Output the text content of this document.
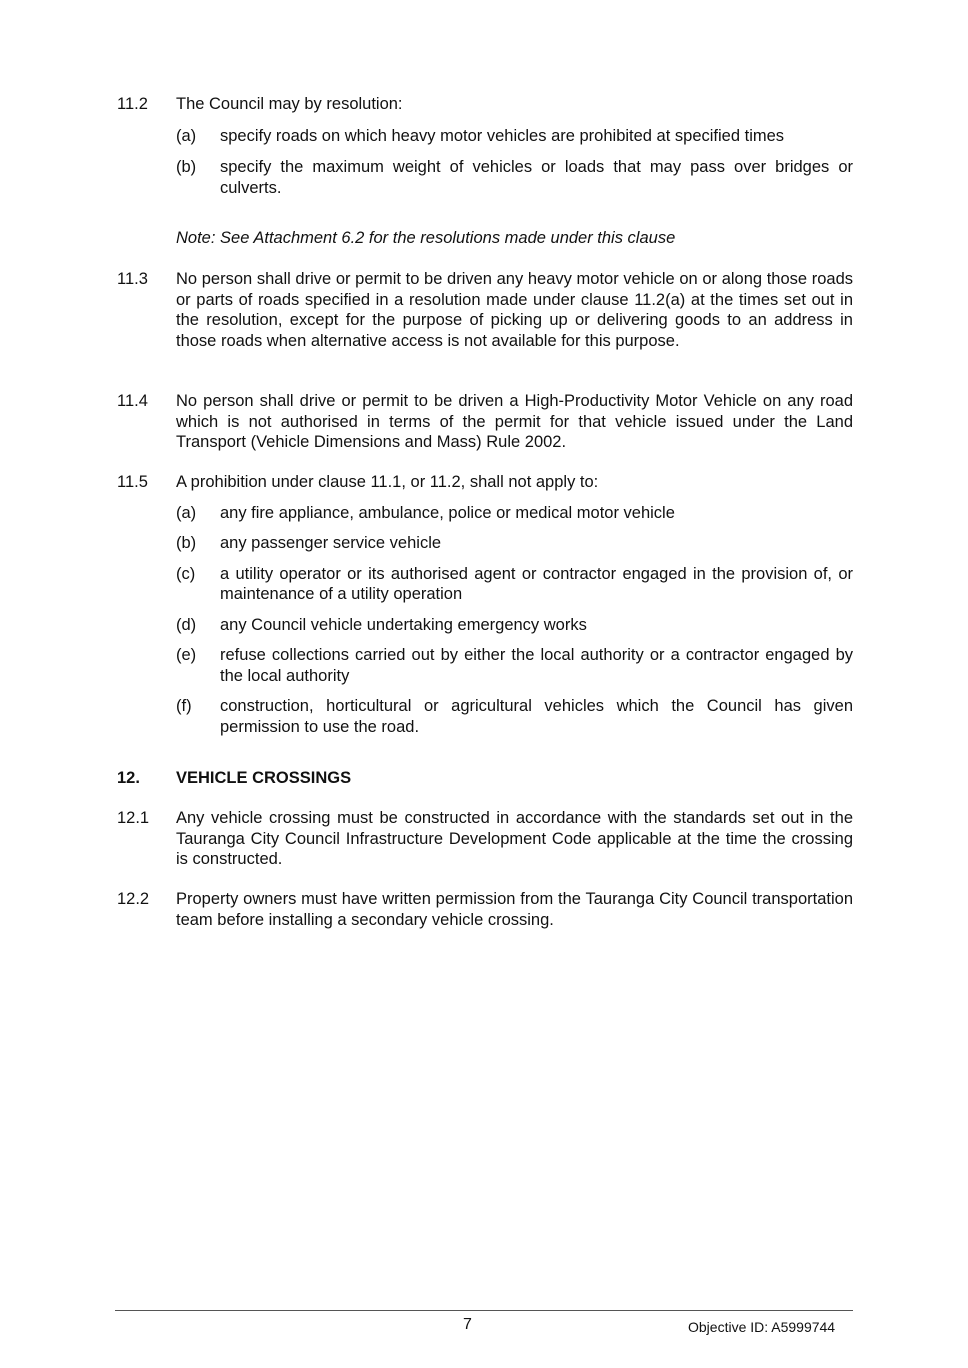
11.2	The Council may by resolution:
(a)	specify roads on which heavy motor vehicles are prohibited at specified times
(b)	specify the maximum weight of vehicles or loads that may pass over bridges or culverts.
Note: See Attachment 6.2 for the resolutions made under this clause
11.3	No person shall drive or permit to be driven any heavy motor vehicle on or along those roads or parts of roads specified in a resolution made under clause 11.2(a) at the times set out in the resolution, except for the purpose of picking up or delivering goods to an address in those roads when alternative access is not available for this purpose.
11.4	No person shall drive or permit to be driven a High-Productivity Motor Vehicle on any road which is not authorised in terms of the permit for that vehicle issued under the Land Transport (Vehicle Dimensions and Mass) Rule 2002.
11.5	A prohibition under clause 11.1, or 11.2, shall not apply to:
(a)	any fire appliance, ambulance, police or medical motor vehicle
(b)	any passenger service vehicle
(c)	a utility operator or its authorised agent or contractor engaged in the provision of, or maintenance of a utility operation
(d)	any Council vehicle undertaking emergency works
(e)	refuse collections carried out by either the local authority or a contractor engaged by the local authority
(f)	construction, horticultural or agricultural vehicles which the Council has given permission to use the road.
12.	VEHICLE CROSSINGS
12.1	Any vehicle crossing must be constructed in accordance with the standards set out in the Tauranga City Council Infrastructure Development Code applicable at the time the crossing is constructed.
12.2	Property owners must have written permission from the Tauranga City Council transportation team before installing a secondary vehicle crossing.
7	Objective ID: A5999744
